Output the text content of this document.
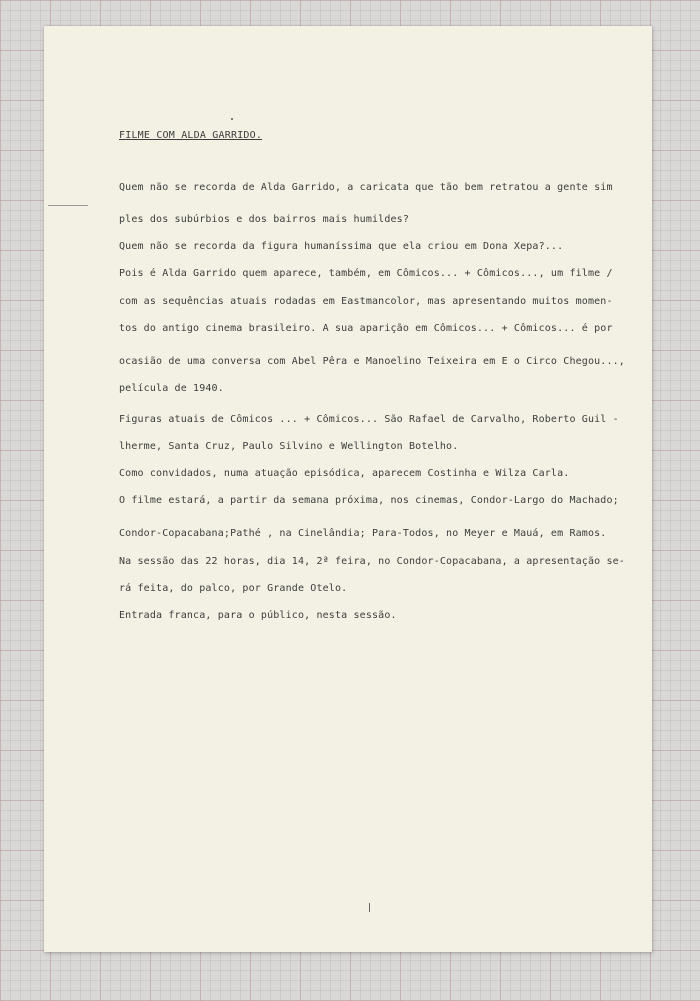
FILME COM ALDA GARRIDO.

Quem não se recorda de Alda Garrido, a caricata que tão bem retratou a gente sim

ples dos subúrbios e dos bairros mais humildes?

Quem não se recorda da figura humaníssima que ela criou em Dona Xepa?...

Pois é Alda Garrido quem aparece, também, em Cômicos... + Cômicos..., um filme /

com as sequências atuais rodadas em Eastmancolor, mas apresentando muitos momen-

tos do antigo cinema brasileiro. A sua aparição em Cômicos... + Cômicos... é por

ocasião de uma conversa com Abel Pêra e Manoelino Teixeira em E o Circo Chegou...,

película de 1940.

Figuras atuais de Cômicos ... + Cômicos... São Rafael de Carvalho, Roberto Guil -

lherme, Santa Cruz, Paulo Silvino e Wellington Botelho.

Como convidados, numa atuação episódica, aparecem Costinha e Wilza Carla.

O filme estará, a partir da semana próxima, nos cinemas, Condor-Largo do Machado;

Condor-Copacabana;Pathé , na Cinelândia; Para-Todos, no Meyer e Mauá, em Ramos.

Na sessão das 22 horas, dia 14, 2ª feira, no Condor-Copacabana, a apresentação se-

rá feita, do palco, por Grande Otelo.

Entrada franca, para o público, nesta sessão.
